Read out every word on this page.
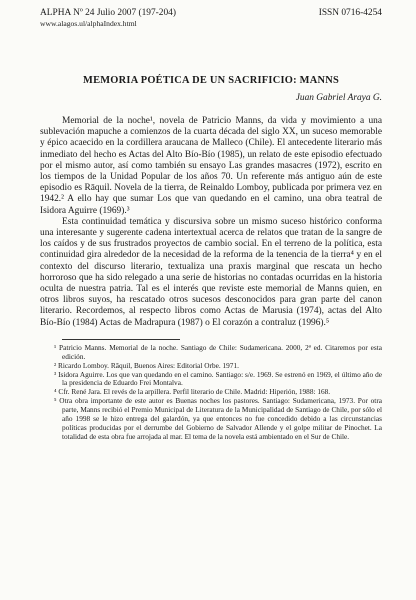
ALPHA Nº 24 Julio 2007 (197-204)
www.alagos.ul/alphaIndex.html
ISSN 0716-4254
MEMORIA POÉTICA DE UN SACRIFICIO: MANNS
Juan Gabriel Araya G.

Memorial de la noche¹, novela de Patricio Manns, da vida y movimiento a una sublevación mapuche a comienzos de la cuarta década del siglo XX, un suceso memorable y épico acaecido en la cordillera araucana de Malleco (Chile). El antecedente literario más inmediato del hecho es Actas del Alto Bío-Bío (1985), un relato de este episodio efectuado por el mismo autor, así como también su ensayo Las grandes masacres (1972), escrito en los tiempos de la Unidad Popular de los años 70. Un referente más antiguo aún de este episodio es Rāquil. Novela de la tierra, de Reinaldo Lomboy, publicada por primera vez en 1942.² A ello hay que sumar Los que van quedando en el camino, una obra teatral de Isidora Aguirre (1969).³

Esta continuidad temática y discursiva sobre un mismo suceso histórico conforma una interesante y sugerente cadena intertextual acerca de relatos que tratan de la sangre de los caídos y de sus frustrados proyectos de cambio social. En el terreno de la política, esta continuidad gira alrededor de la necesidad de la reforma de la tenencia de la tierra⁴ y en el contexto del discurso literario, textualiza una praxis marginal que rescata un hecho horroroso que ha sido relegado a una serie de historias no contadas ocurridas en la historia oculta de nuestra patria. Tal es el interés que reviste este memorial de Manns quien, en otros libros suyos, ha rescatado otros sucesos desconocidos para gran parte del canon literario. Recordemos, al respecto libros como Actas de Marusia (1974), actas del Alto Bío-Bío (1984) Actas de Madrapura (1987) o El corazón a contraluz (1996).⁵

¹ Patricio Manns. Memorial de la noche. Santiago de Chile: Sudamericana. 2000, 2ª ed. Citaremos por esta edición.

² Ricardo Lomboy. Rāquil, Buenos Aires: Editorial Orbe. 1971.

³ Isidora Aguirre. Los que van quedando en el camino. Santiago: s/e. 1969. Se estrenó en 1969, el último año de la presidencia de Eduardo Frei Montalva.

⁴ Cfr. René Jara. El revés de la arpillera. Perfil literario de Chile. Madrid: Hiperión, 1988: 168.

⁵ Otra obra importante de este autor es Buenas noches los pastores. Santiago: Sudamericana, 1973. Por otra parte, Manns recibió el Premio Municipal de Literatura de la Municipalidad de Santiago de Chile, por sólo el año 1998 se le hizo entrega del galardón, ya que entonces no fue concedido debido a las circunstancias políticas producidas por el derrumbe del Gobierno de Salvador Allende y el golpe militar de Pinochet. La totalidad de esta obra fue arrojada al mar. El tema de la novela está ambientado en el Sur de Chile.
